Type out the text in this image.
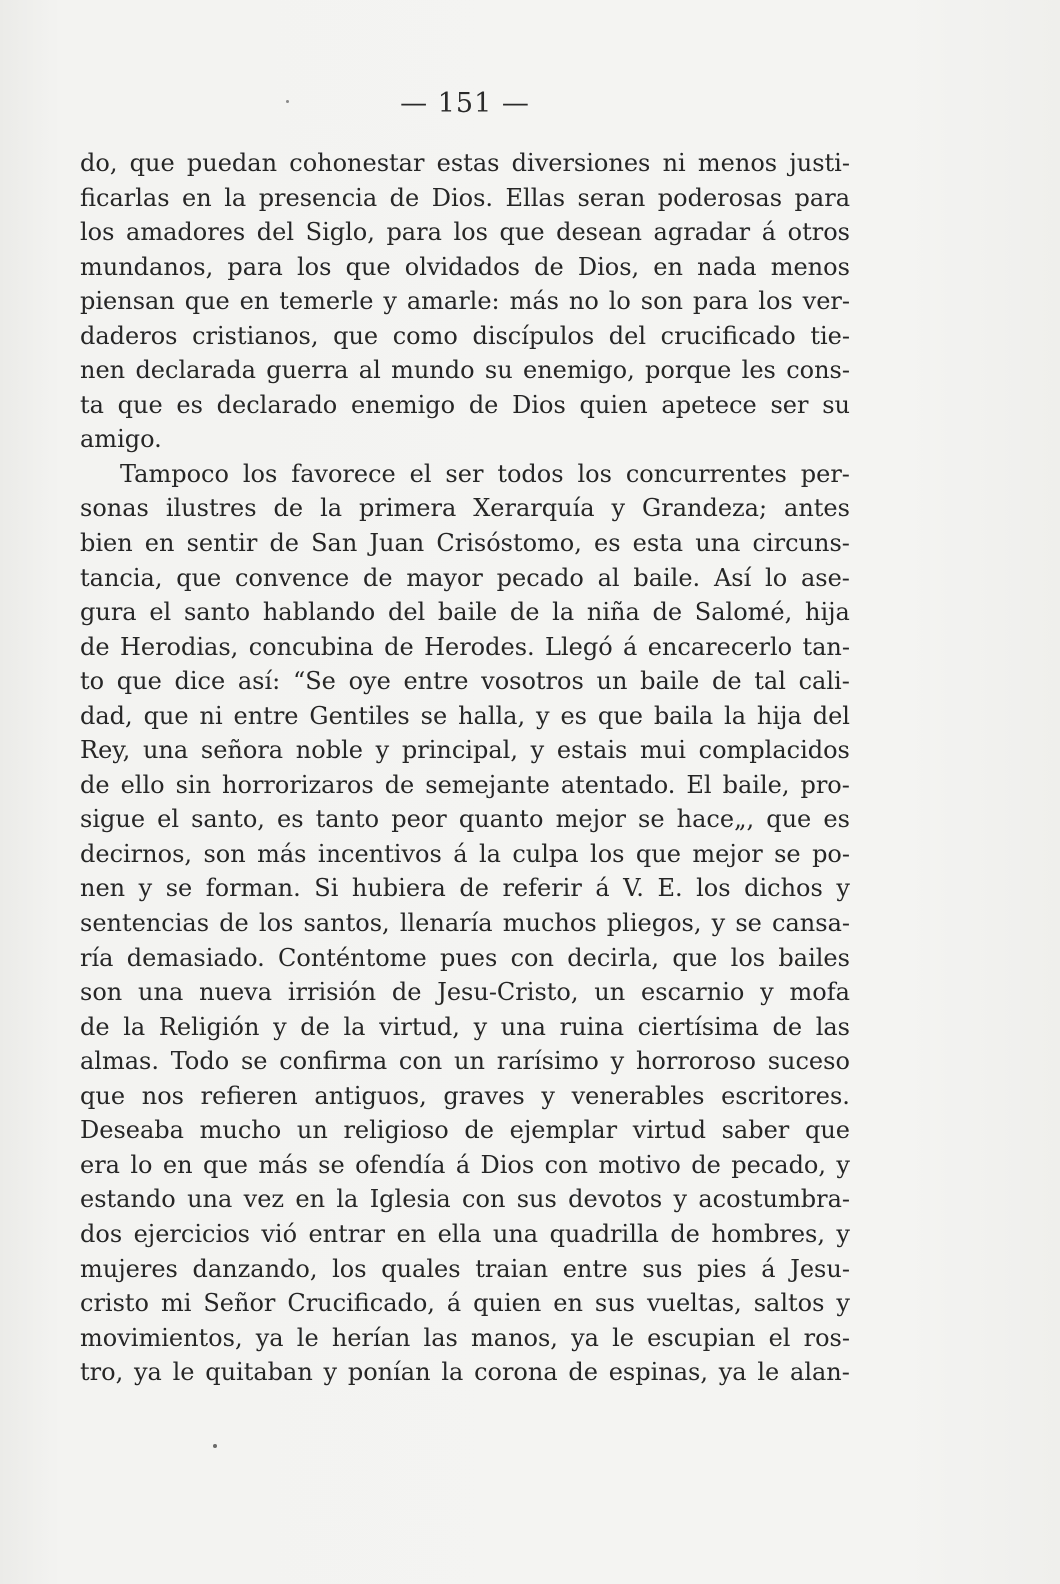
— 151 —
do, que puedan cohonestar estas diversiones ni menos justi-
ficarlas en la presencia de Dios. Ellas seran poderosas para
los amadores del Siglo, para los que desean agradar á otros
mundanos, para los que olvidados de Dios, en nada menos
piensan que en temerle y amarle: más no lo son para los ver-
daderos cristianos, que como discípulos del crucificado tie-
nen declarada guerra al mundo su enemigo, porque les cons-
ta que es declarado enemigo de Dios quien apetece ser su
amigo.
Tampoco los favorece el ser todos los concurrentes per-
sonas ilustres de la primera Xerarquía y Grandeza; antes
bien en sentir de San Juan Crisóstomo, es esta una circuns-
tancia, que convence de mayor pecado al baile. Así lo ase-
gura el santo hablando del baile de la niña de Salomé, hija
de Herodias, concubina de Herodes. Llegó á encarecerlo tan-
to que dice así: “Se oye entre vosotros un baile de tal cali-
dad, que ni entre Gentiles se halla, y es que baila la hija del
Rey, una señora noble y principal, y estais mui complacidos
de ello sin horrorizaros de semejante atentado. El baile, pro-
sigue el santo, es tanto peor quanto mejor se hace„, que es
decirnos, son más incentivos á la culpa los que mejor se po-
nen y se forman. Si hubiera de referir á V. E. los dichos y
sentencias de los santos, llenaría muchos pliegos, y se cansa-
ría demasiado. Conténtome pues con decirla, que los bailes
son una nueva irrisión de Jesu-Cristo, un escarnio y mofa
de la Religión y de la virtud, y una ruina ciertísima de las
almas. Todo se confirma con un rarísimo y horroroso suceso
que nos refieren antiguos, graves y venerables escritores.
Deseaba mucho un religioso de ejemplar virtud saber que
era lo en que más se ofendía á Dios con motivo de pecado, y
estando una vez en la Iglesia con sus devotos y acostumbra-
dos ejercicios vió entrar en ella una quadrilla de hombres, y
mujeres danzando, los quales traian entre sus pies á Jesu-
cristo mi Señor Crucificado, á quien en sus vueltas, saltos y
movimientos, ya le herían las manos, ya le escupian el ros-
tro, ya le quitaban y ponían la corona de espinas, ya le alan-
